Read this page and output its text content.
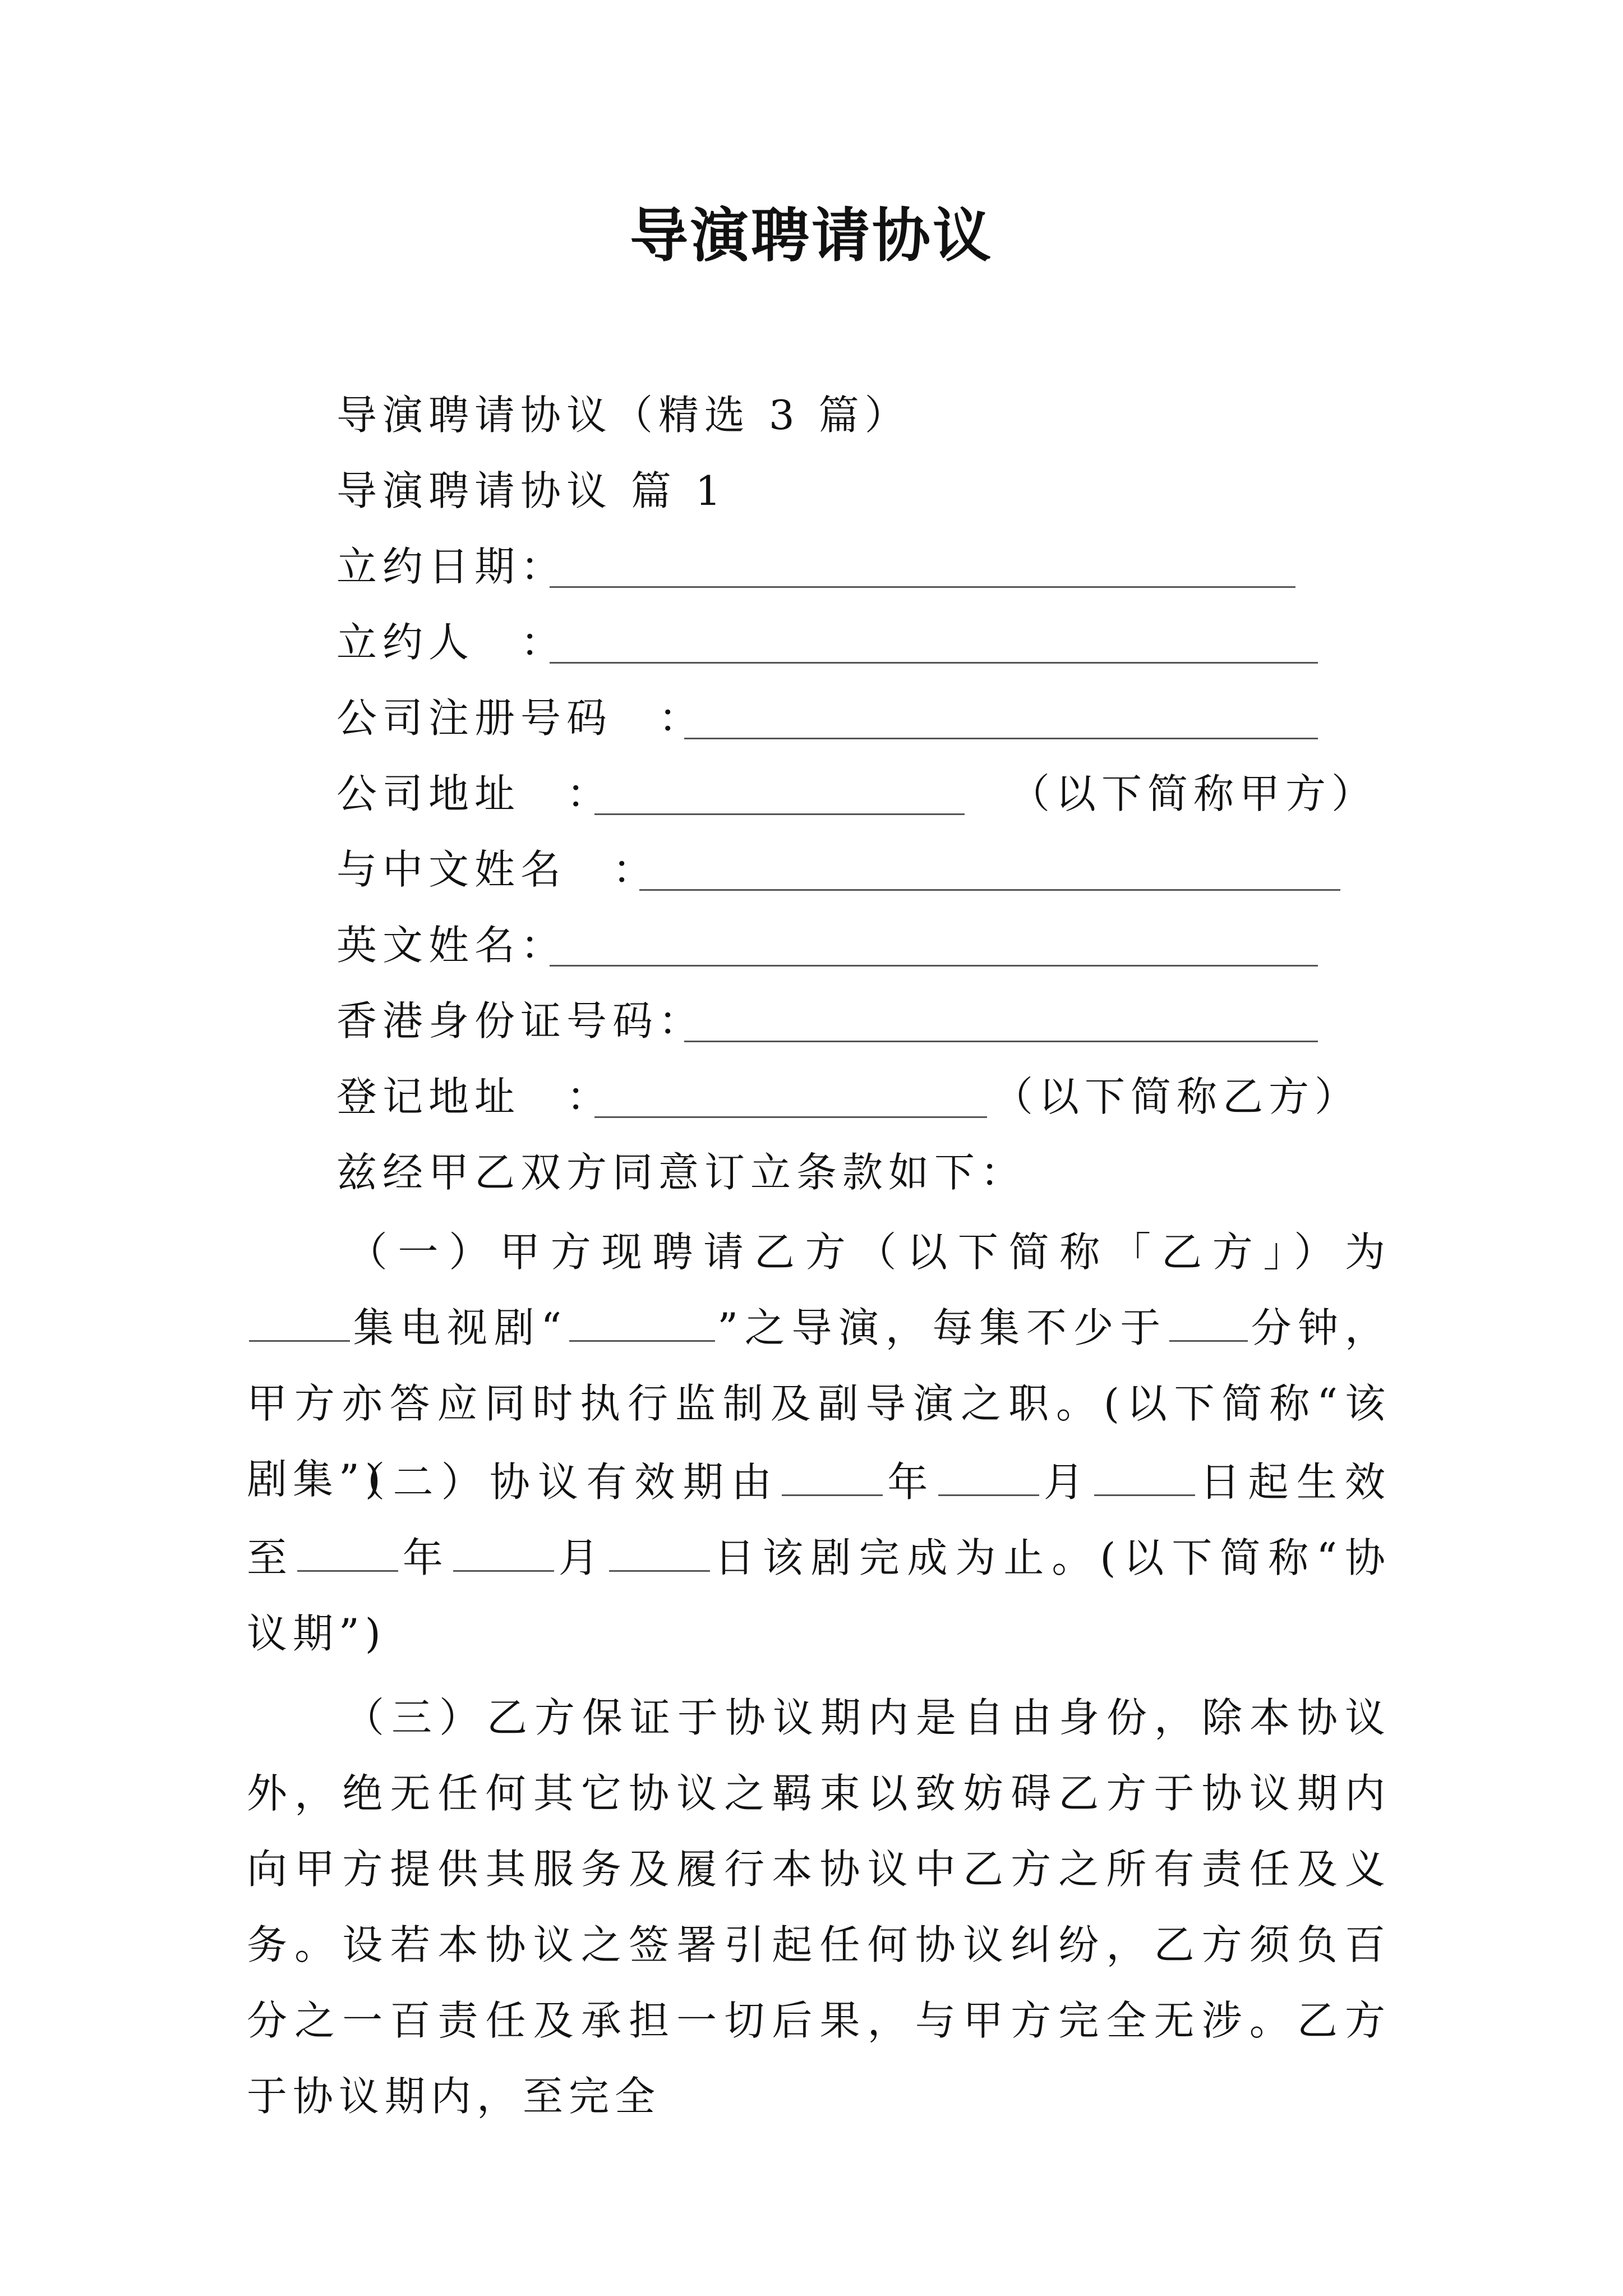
导演聘请协议
导演聘请协议（精选 3 篇）
导演聘请协议 篇 1
立约日期：
立约人　：
公司注册号码　：
公司地址　：	（以下简称甲方）
与中文姓名　：
英文姓名：
香港身份证号码：
登记地址　：	（以下简称乙方）
兹经甲乙双方同意订立条款如下：
（一）甲方现聘请乙方（以下简称「乙方」）为集电视剧“	”之导演，每集不少于 分钟，甲方亦答应同时执行监制及副导演之职。(以下简称“该剧集”)
（二）协议有效期由	年	月	日起生效至	年	月	日该剧完成为止。(以下简称“协议期”)
（三）乙方保证于协议期内是自由身份，除本协议外，绝无任何其它协议之羁束以致妨碍乙方于协议期内向甲方提供其服务及履行本协议中乙方之所有责任及义务。设若本协议之签署引起任何协议纠纷，乙方须负百分之一百责任及承担一切后果，与甲方完全无涉。乙方于协议期内，至完全
